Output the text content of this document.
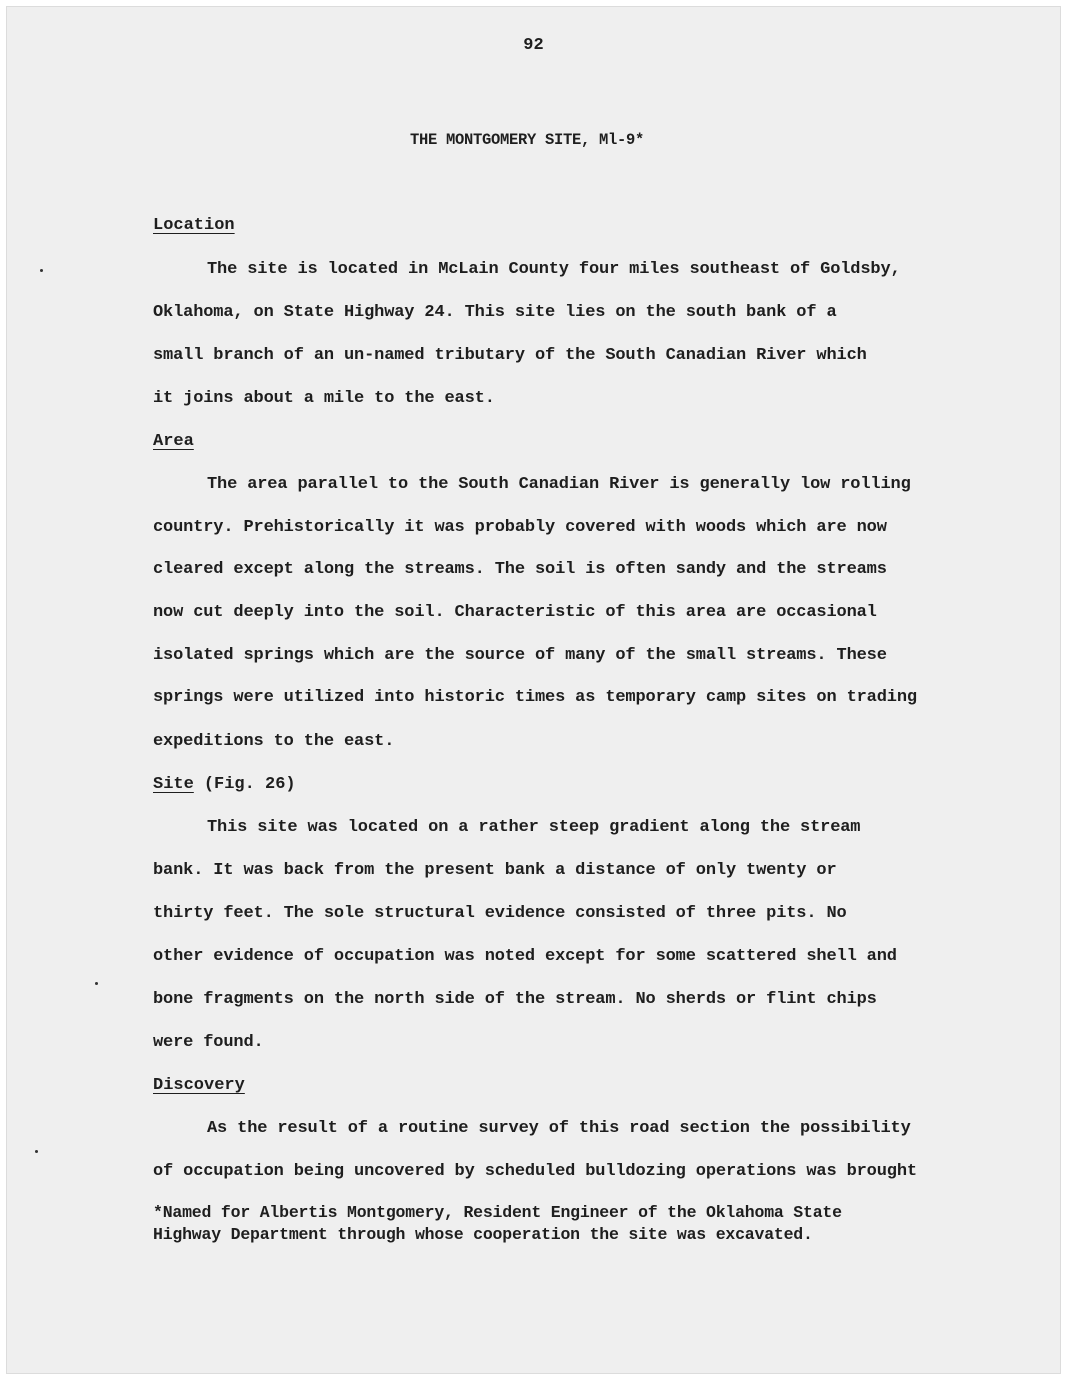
92
THE MONTGOMERY SITE, Ml-9*
Location
The site is located in McLain County four miles southeast of Goldsby,
Oklahoma, on State Highway 24. This site lies on the south bank of a
small branch of an un-named tributary of the South Canadian River which
it joins about a mile to the east.
Area
The area parallel to the South Canadian River is generally low rolling
country. Prehistorically it was probably covered with woods which are now
cleared except along the streams. The soil is often sandy and the streams
now cut deeply into the soil. Characteristic of this area are occasional
isolated springs which are the source of many of the small streams. These
springs were utilized into historic times as temporary camp sites on trading
expeditions to the east.
Site (Fig. 26)
This site was located on a rather steep gradient along the stream
bank. It was back from the present bank a distance of only twenty or
thirty feet. The sole structural evidence consisted of three pits. No
other evidence of occupation was noted except for some scattered shell and
bone fragments on the north side of the stream. No sherds or flint chips
were found.
Discovery
As the result of a routine survey of this road section the possibility
of occupation being uncovered by scheduled bulldozing operations was brought
*Named for Albertis Montgomery, Resident Engineer of the Oklahoma State
Highway Department through whose cooperation the site was excavated.
